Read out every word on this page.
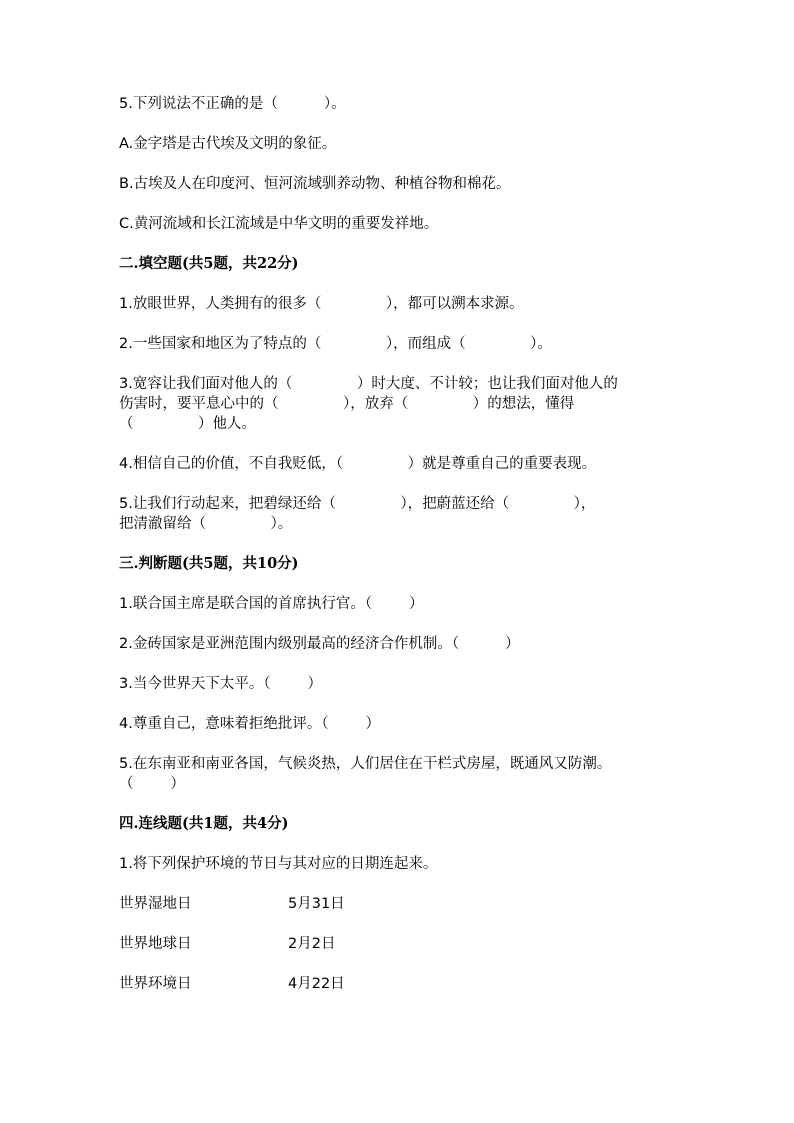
5.下列说法不正确的是（          ）。

A.金字塔是古代埃及文明的象征。

B.古埃及人在印度河、恒河流域驯养动物、种植谷物和棉花。

C.黄河流域和长江流域是中华文明的重要发祥地。

二.填空题(共5题，共22分)

1.放眼世界，人类拥有的很多（              ），都可以溯本求源。

2.一些国家和地区为了特点的（              ），而组成（              ）。

3.宽容让我们面对他人的（              ）时大度、不计较；也让我们面对他人的

伤害时，要平息心中的（              ），放弃（              ）的想法，懂得

（              ）他人。

4.相信自己的价值，不自我贬低，（              ）就是尊重自己的重要表现。

5.让我们行动起来，把碧绿还给（              ），把蔚蓝还给（              ），

把清澈留给（              ）。

三.判断题(共5题，共10分)

1.联合国主席是联合国的首席执行官。（        ）

2.金砖国家是亚洲范围内级别最高的经济合作机制。（          ）

3.当今世界天下太平。（        ）

4.尊重自己，意味着拒绝批评。（        ）

5.在东南亚和南亚各国，气候炎热，人们居住在干栏式房屋，既通风又防潮。

（        ）

四.连线题(共1题，共4分)

1.将下列保护环境的节日与其对应的日期连起来。

世界湿地日	5月31日
世界地球日	2月2日
世界环境日	4月22日
